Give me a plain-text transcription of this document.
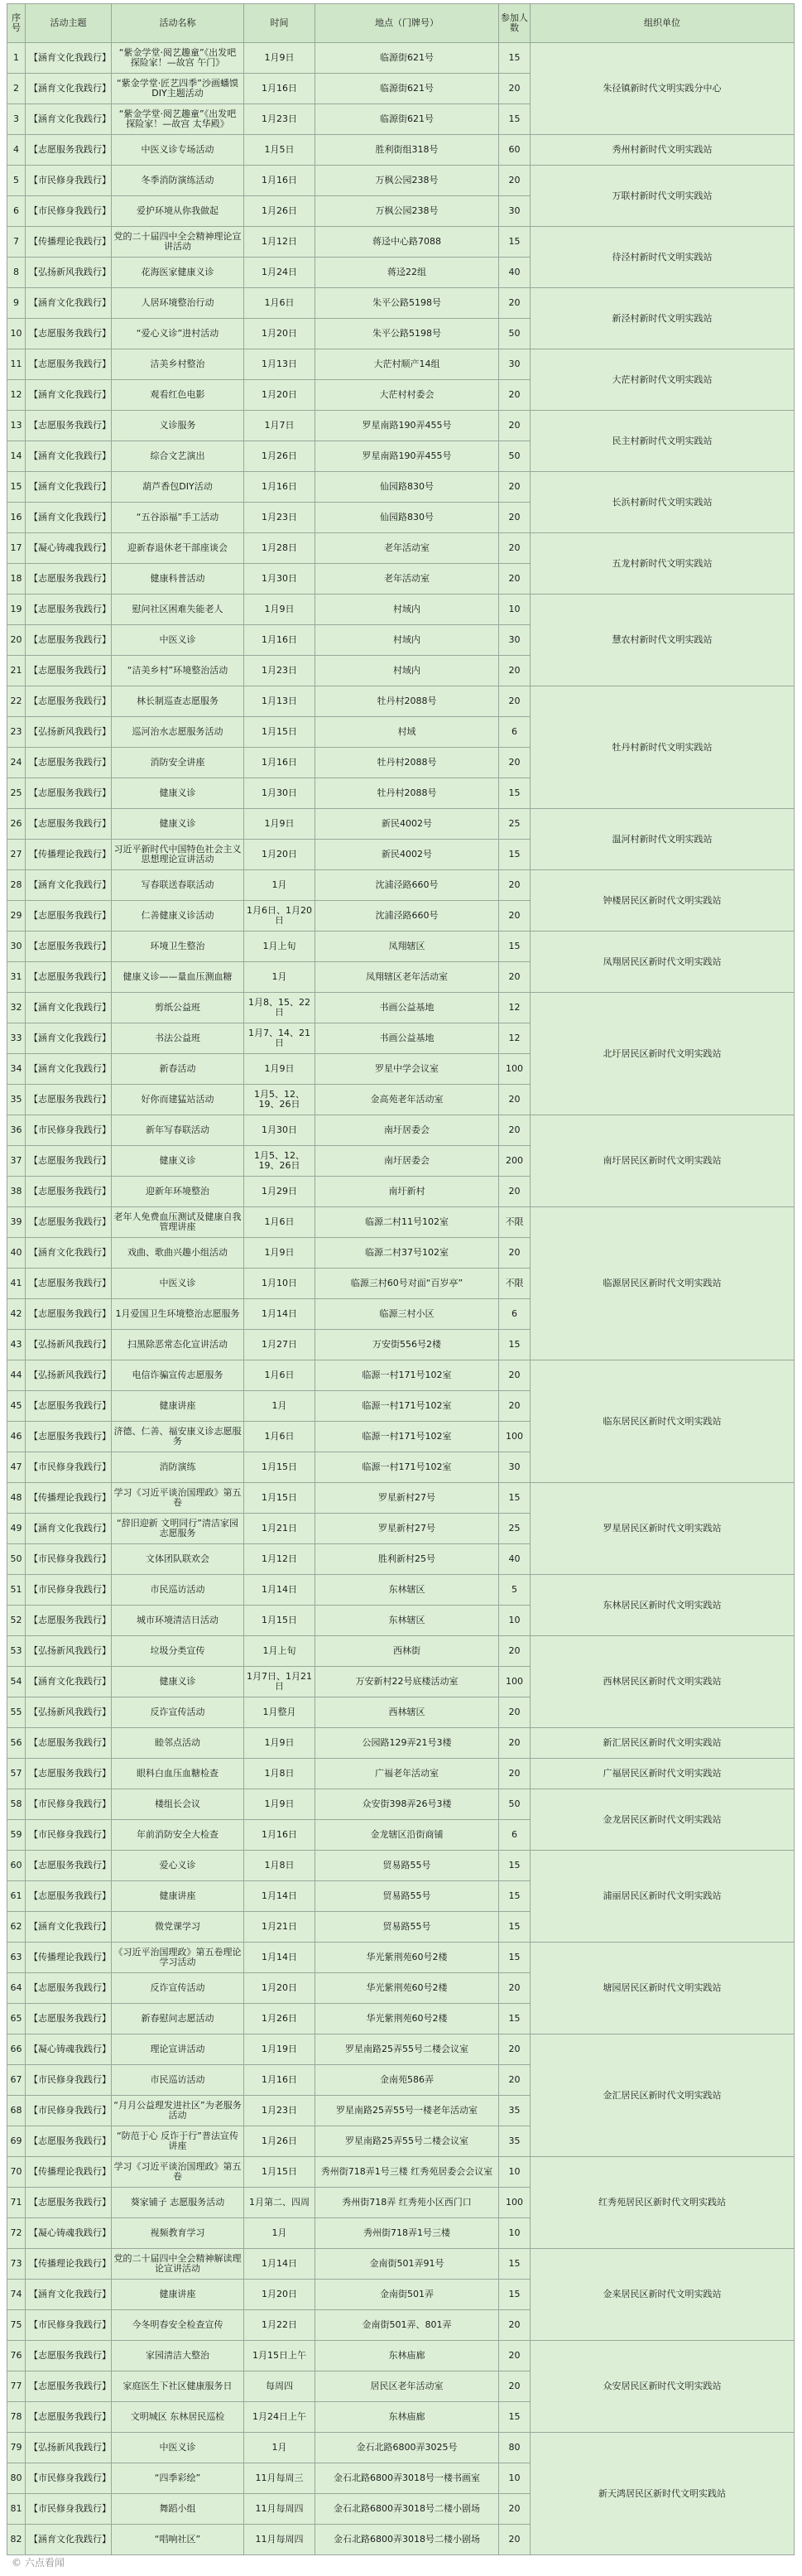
序号	活动主题	活动名称	时间	地点（门牌号）	参加人数	组织单位
1	【涵育文化我践行】	“紫金学堂·阅艺趣童”《出发吧 探险家！—故宫 午门》	1月9日	临源街621号	15	朱径镇新时代文明实践分中心
2	【涵育文化我践行】	“紫金学堂·匠艺四季”沙画蟠馍DIY主题活动	1月16日	临源街621号	20	
3	【涵育文化我践行】	“紫金学堂·阅艺趣童”《出发吧 探险家！—故宫 太华殿》	1月23日	临源街621号	15	
4	【志愿服务我践行】	中医义诊专场活动	1月5日	胜利街组318号	60	秀州村新时代文明实践站
5	【市民修身我践行】	冬季消防演练活动	1月16日	万枫公园238号	20	万联村新时代文明实践站
6	【市民修身我践行】	爱护环境从你我做起	1月26日	万枫公园238号	30	
7	【传播理论我践行】	党的二十届四中全会精神理论宣讲活动	1月12日	蒋迳中心路7088	15	待泾村新时代文明实践站
8	【弘扬新风我践行】	花海医家健康义诊	1月24日	蒋迳22组	40	
9	【涵育文化我践行】	人居环境整治行动	1月6日	朱平公路5198号	20	新泾村新时代文明实践站
10	【志愿服务我践行】	“爱心义诊”进村活动	1月20日	朱平公路5198号	50	
11	【志愿服务我践行】	洁美乡村整治	1月13日	大茫村顺产14组	30	大茫村新时代文明实践站
12	【涵育文化我践行】	观看红色电影	1月20日	大茫村村委会	20	
13	【志愿服务我践行】	义诊服务	1月7日	罗星南路190弄455号	20	民主村新时代文明实践站
14	【涵育文化我践行】	综合文艺演出	1月26日	罗星南路190弄455号	50	
15	【涵育文化我践行】	葫芦香包DIY活动	1月16日	仙园路830号	20	长浜村新时代文明实践站
16	【涵育文化我践行】	“五谷添福”手工活动	1月23日	仙园路830号	20	
17	【凝心铸魂我践行】	迎新春退休老干部座谈会	1月28日	老年活动室	20	五龙村新时代文明实践站
18	【志愿服务我践行】	健康科普活动	1月30日	老年活动室	20	
19	【志愿服务我践行】	慰问社区困难失能老人	1月9日	村域内	10	慧农村新时代文明实践站
20	【志愿服务我践行】	中医义诊	1月16日	村域内	30	
21	【志愿服务我践行】	“洁美乡村”环境整治活动	1月23日	村域内	20	
22	【志愿服务我践行】	林长制巡查志愿服务	1月13日	牡丹村2088号	20	牡丹村新时代文明实践站
23	【弘扬新风我践行】	巡河治水志愿服务活动	1月15日	村域	6	
24	【志愿服务我践行】	消防安全讲座	1月16日	牡丹村2088号	20	
25	【志愿服务我践行】	健康义诊	1月30日	牡丹村2088号	15	
26	【志愿服务我践行】	健康义诊	1月9日	新民4002号	25	温河村新时代文明实践站
27	【传播理论我践行】	习近平新时代中国特色社会主义思想理论宣讲活动	1月20日	新民4002号	15	
28	【涵育文化我践行】	写春联送春联活动	1月	沈浦泾路660号	20	钟楼居民区新时代文明实践站
29	【志愿服务我践行】	仁善健康义诊活动	1月6日、1月20日	沈浦泾路660号	20	
30	【志愿服务我践行】	环境卫生整治	1月上旬	凤翔辖区	15	凤翔居民区新时代文明实践站
31	【志愿服务我践行】	健康义诊——量血压测血糖	1月	凤翔辖区老年活动室	20	
32	【涵育文化我践行】	剪纸公益班	1月8、15、22日	书画公益基地	12	北圩居民区新时代文明实践站
33	【涵育文化我践行】	书法公益班	1月7、14、21日	书画公益基地	12	
34	【涵育文化我践行】	新春活动	1月9日	罗星中学会议室	100	
35	【志愿服务我践行】	好你而建猛站活动	1月5、12、19、26日	金高苑老年活动室	20	
36	【市民修身我践行】	新年写春联活动	1月30日	南圩居委会	20	南圩居民区新时代文明实践站
37	【志愿服务我践行】	健康义诊	1月5、12、19、26日	南圩居委会	200	
38	【志愿服务我践行】	迎新年环境整治	1月29日	南圩新村	20	
39	【志愿服务我践行】	老年人免费血压测试及健康自我管理讲座	1月6日	临源二村11号102室	不限	临源居民区新时代文明实践站
40	【涵育文化我践行】	戏曲、歌曲兴趣小组活动	1月9日	临源二村37号102室	20	
41	【志愿服务我践行】	中医义诊	1月10日	临源三村60号对面“百岁亭”	不限	
42	【志愿服务我践行】	1月爱国卫生环境整治志愿服务	1月14日	临源三村小区	6	
43	【弘扬新风我践行】	扫黑除恶常态化宣讲活动	1月27日	万安街556号2楼	15	
44	【弘扬新风我践行】	电信诈骗宣传志愿服务	1月6日	临源一村171号102室	20	临东居民区新时代文明实践站
45	【志愿服务我践行】	健康讲座	1月	临源一村171号102室	20	
46	【志愿服务我践行】	济德、仁善、福安康义诊志愿服务	1月6日	临源一村171号102室	100	
47	【市民修身我践行】	消防演练	1月15日	临源一村171号102室	30	
48	【传播理论我践行】	学习《习近平谈治国理政》第五卷	1月15日	罗星新村27号	15	罗星居民区新时代文明实践站
49	【涵育文化我践行】	“辞旧迎新 文明同行”清洁家园志愿服务	1月21日	罗星新村27号	25	
50	【市民修身我践行】	文体团队联欢会	1月12日	胜利新村25号	40	
51	【市民修身我践行】	市民巡访活动	1月14日	东林辖区	5	东林居民区新时代文明实践站
52	【志愿服务我践行】	城市环境清洁日活动	1月15日	东林辖区	10	
53	【弘扬新风我践行】	垃圾分类宣传	1月上旬	西林街	20	西林居民区新时代文明实践站
54	【涵育文化我践行】	健康义诊	1月7日、1月21日	万安新村22号底楼活动室	100	
55	【弘扬新风我践行】	反诈宣传活动	1月整月	西林辖区	20	
56	【志愿服务我践行】	睦邻点活动	1月9日	公园路129弄21号3楼	20	新汇居民区新时代文明实践站
57	【志愿服务我践行】	眼科白血压血糖检查	1月8日	广福老年活动室	20	广福居民区新时代文明实践站
58	【市民修身我践行】	楼组长会议	1月9日	众安街398弄26号3楼	50	金龙居民区新时代文明实践站
59	【市民修身我践行】	年前消防安全大检查	1月16日	金龙辖区沿街商铺	6	
60	【志愿服务我践行】	爱心义诊	1月8日	贸易路55号	15	浦丽居民区新时代文明实践站
61	【志愿服务我践行】	健康讲座	1月14日	贸易路55号	15	
62	【涵育文化我践行】	微党课学习	1月21日	贸易路55号	15	
63	【传播理论我践行】	《习近平治国理政》第五卷理论学习活动	1月14日	华光紫荆苑60号2楼	15	塘园居民区新时代文明实践站
64	【志愿服务我践行】	反诈宣传活动	1月20日	华光紫荆苑60号2楼	20	
65	【志愿服务我践行】	新春慰问志愿活动	1月26日	华光紫荆苑60号2楼	15	
66	【凝心铸魂我践行】	理论宣讲活动	1月19日	罗星南路25弄55号二楼会议室	20	金汇居民区新时代文明实践站
67	【市民修身我践行】	市民巡访活动	1月16日	金南苑586弄	20	
68	【市民修身我践行】	“月月公益理发进社区”为老服务活动	1月23日	罗星南路25弄55号一楼老年活动室	35	
69	【志愿服务我践行】	“防范于心 反诈于行”普法宣传讲座	1月26日	罗星南路25弄55号二楼会议室	35	
70	【传播理论我践行】	学习《习近平谈治国理政》第五卷	1月15日	秀州街718弄1号三楼 红秀苑居委会会议室	10	红秀苑居民区新时代文明实践站
71	【志愿服务我践行】	葵家铺子 志愿服务活动	1月第二、四周	秀州街718弄 红秀苑小区西门口	100	
72	【凝心铸魂我践行】	视频教育学习	1月	秀州街718弄1号三楼	10	
73	【传播理论我践行】	党的二十届四中全会精神解读理论宣讲活动	1月14日	金南街501弄91号	15	金来居民区新时代文明实践站
74	【涵育文化我践行】	健康讲座	1月20日	金南街501弄	15	
75	【市民修身我践行】	今冬明春安全检查宣传	1月22日	金南街501弄、801弄	20	
76	【志愿服务我践行】	家园清洁大整治	1月15日上午	东林庙廊	20	众安居民区新时代文明实践站
77	【志愿服务我践行】	家庭医生下社区健康服务日	每周四	居民区老年活动室	20	
78	【志愿服务我践行】	文明城区 东林居民巡检	1月24日上午	东林庙廊	15	
79	【弘扬新风我践行】	中医义诊	1月	金石北路6800弄3025号	80	新天鸿居民区新时代文明实践站
80	【市民修身我践行】	“四季彩绘”	11月每周三	金石北路6800弄3018号一楼书画室	10	
81	【市民修身我践行】	舞蹈小组	11月每周四	金石北路6800弄3018号二楼小剧场	20	
82	【涵育文化我践行】	“唱响社区”	11月每周四	金石北路6800弄3018号二楼小剧场	20	
© 六点看闻
